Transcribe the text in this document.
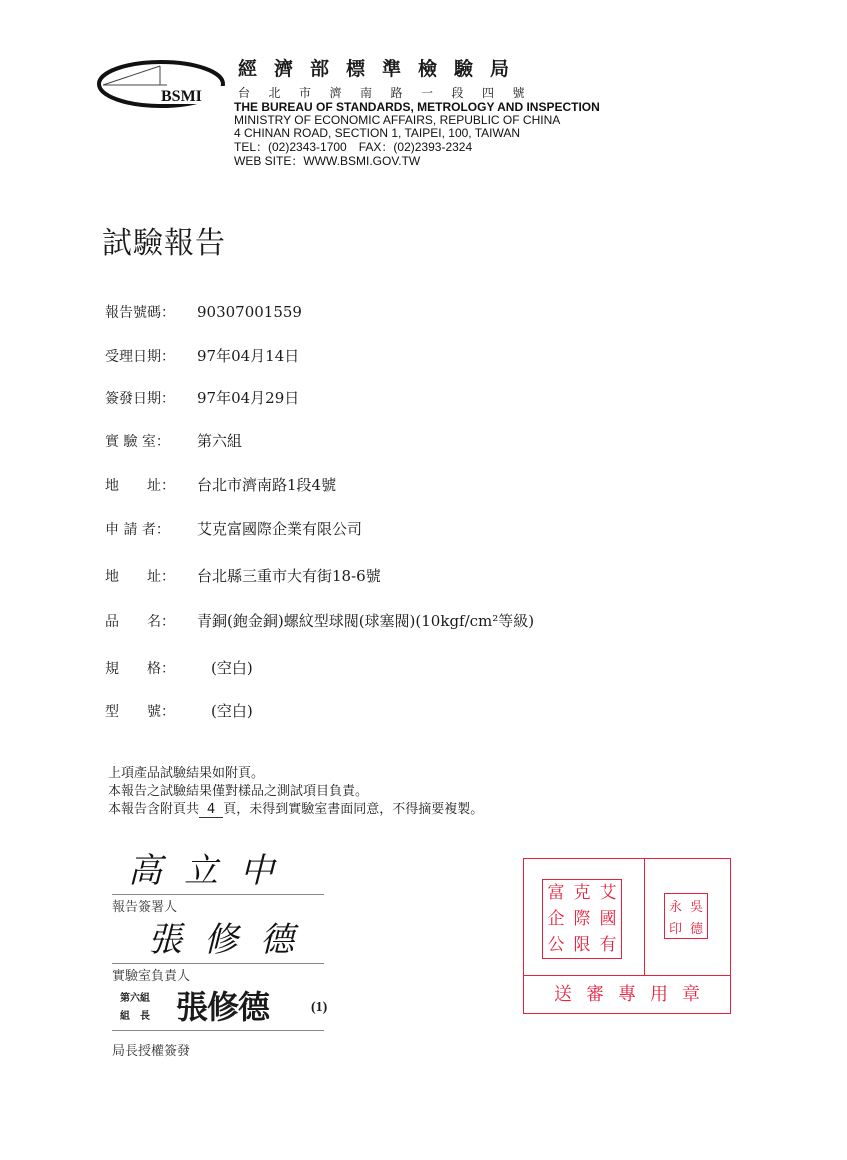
BSMI
經濟部標準檢驗局
台北市濟南路一段四號
THE BUREAU OF STANDARDS, METROLOGY AND INSPECTION
MINISTRY OF ECONOMIC AFFAIRS, REPUBLIC OF CHINA
4 CHINAN ROAD, SECTION 1, TAIPEI, 100, TAIWAN
TEL：(02)2343-1700　FAX：(02)2393-2324
WEB SITE：WWW.BSMI.GOV.TW
試驗報告
報告號碼： 90307001559
受理日期： 97年04月14日
簽發日期： 97年04月29日
實 驗 室： 第六組
地　　址： 台北市濟南路1段4號
申 請 者： 艾克富國際企業有限公司
地　　址： 台北縣三重市大有街18-6號
品　　名： 青銅(鉋金銅)螺紋型球閥(球塞閥)(10kgf/cm²等級)
規　　格： (空白)
型　　號： (空白)
上項產品試驗結果如附頁。
本報告之試驗結果僅對樣品之測試項目負責。
本報告含附頁共 4 頁，未得到實驗室書面同意，不得摘要複製。
高立中
報告簽署人
張修德
實驗室負責人
第六組
組　長 張修德	(1)
局長授權簽發
富 克 艾
企 際 國
公 限 有
永 吳
印 德
送審專用章
